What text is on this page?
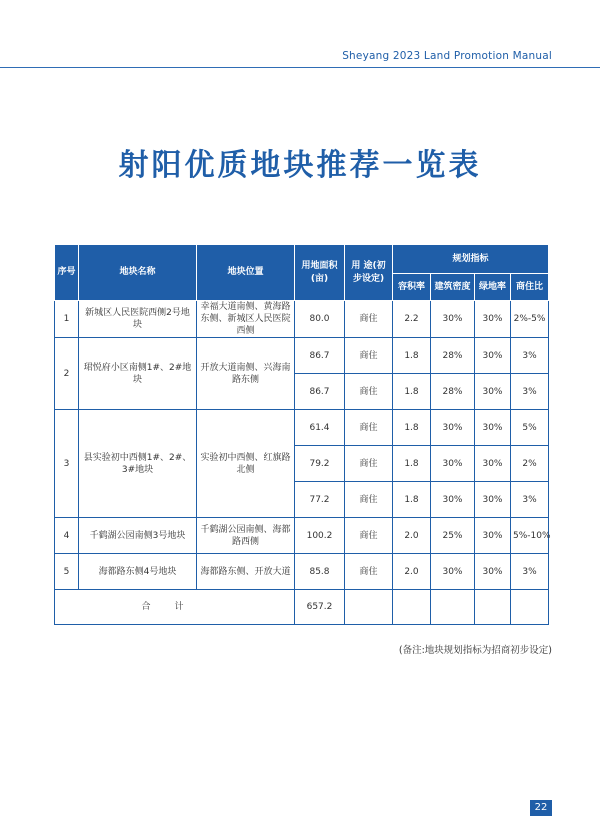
Sheyang 2023 Land Promotion Manual
射阳优质地块推荐一览表
序号	地块名称	地块位置	用地面积(亩)	用 途(初步设定)	规划指标			
					容积率	建筑密度	绿地率	商住比
1	新城区人民医院西侧2号地块	幸福大道南侧、黄海路东侧、新城区人民医院西侧	80.0	商住	2.2	30%	30%	2%-5%
2	珺悦府小区南侧1#、2#地块	开放大道南侧、兴海南路东侧	86.7	商住	1.8	28%	30%	3%
			86.7	商住	1.8	28%	30%	3%
3	县实验初中西侧1#、2#、3#地块	实验初中西侧、红旗路北侧	61.4	商住	1.8	30%	30%	5%
			79.2	商住	1.8	30%	30%	2%
			77.2	商住	1.8	30%	30%	3%
4	千鹤湖公园南侧3号地块	千鹤湖公园南侧、海都路西侧	100.2	商住	2.0	25%	30%	5%-10%
5	海都路东侧4号地块	海都路东侧、开放大道	85.8	商住	2.0	30%	30%	3%
合计			657.2					
(备注:地块规划指标为招商初步设定)
22
